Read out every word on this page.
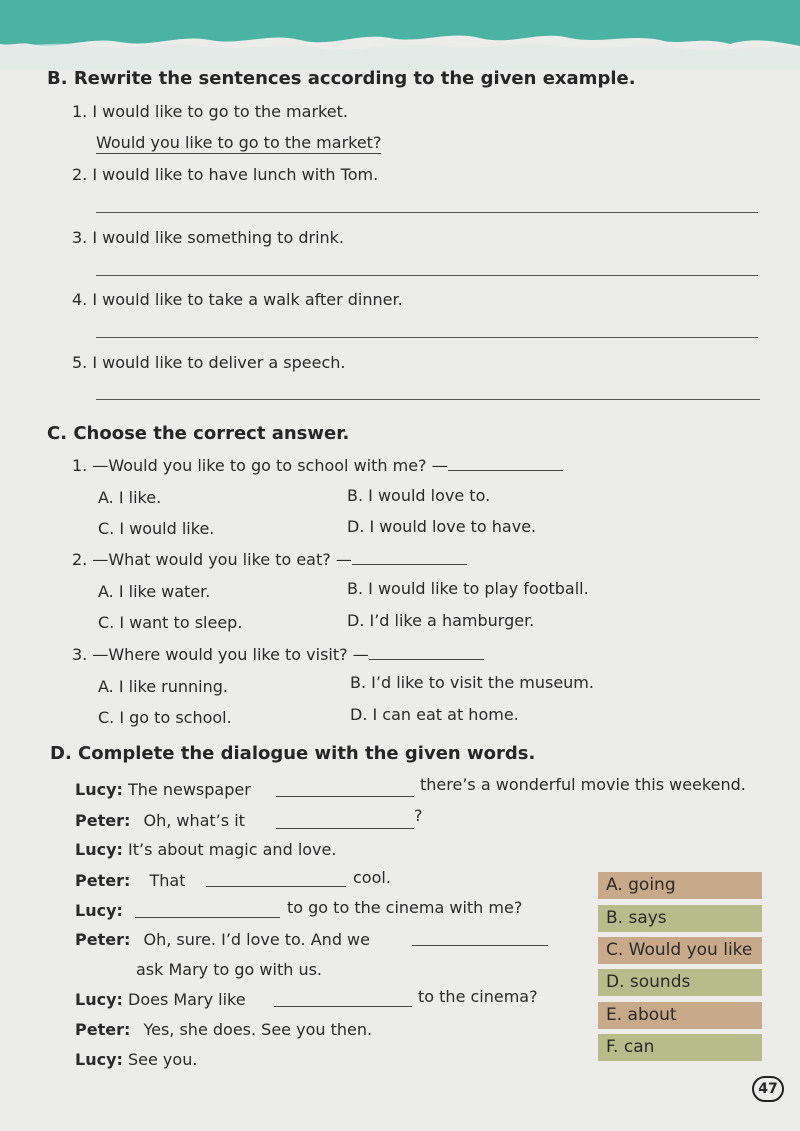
B. Rewrite the sentences according to the given example.
1. I would like to go to the market.
Would you like to go to the market?
2. I would like to have lunch with Tom.
3. I would like something to drink.
4. I would like to take a walk after dinner.
5. I would like to deliver a speech.
C. Choose the correct answer.
1. —Would you like to go to school with me? —
A. I like.	B. I would love to.
C. I would like.	D. I would love to have.
2. —What would you like to eat? —
A. I like water.	B. I would like to play football.
C. I want to sleep.	D. I’d like a hamburger.
3. —Where would you like to visit? —
A. I like running.	B. I’d like to visit the museum.
C. I go to school.	D. I can eat at home.
D. Complete the dialogue with the given words.
Lucy: The newspaper	there’s a wonderful movie this weekend.
Peter: Oh, what’s it	?
Lucy: It’s about magic and love.
Peter: That	cool.
Lucy:	to go to the cinema with me?
Peter: Oh, sure. I’d love to. And we
ask Mary to go with us.
Lucy: Does Mary like	to the cinema?
Peter: Yes, she does. See you then.
Lucy: See you.
A. going
B. says
C. Would you like
D. sounds
E. about
F. can
47
